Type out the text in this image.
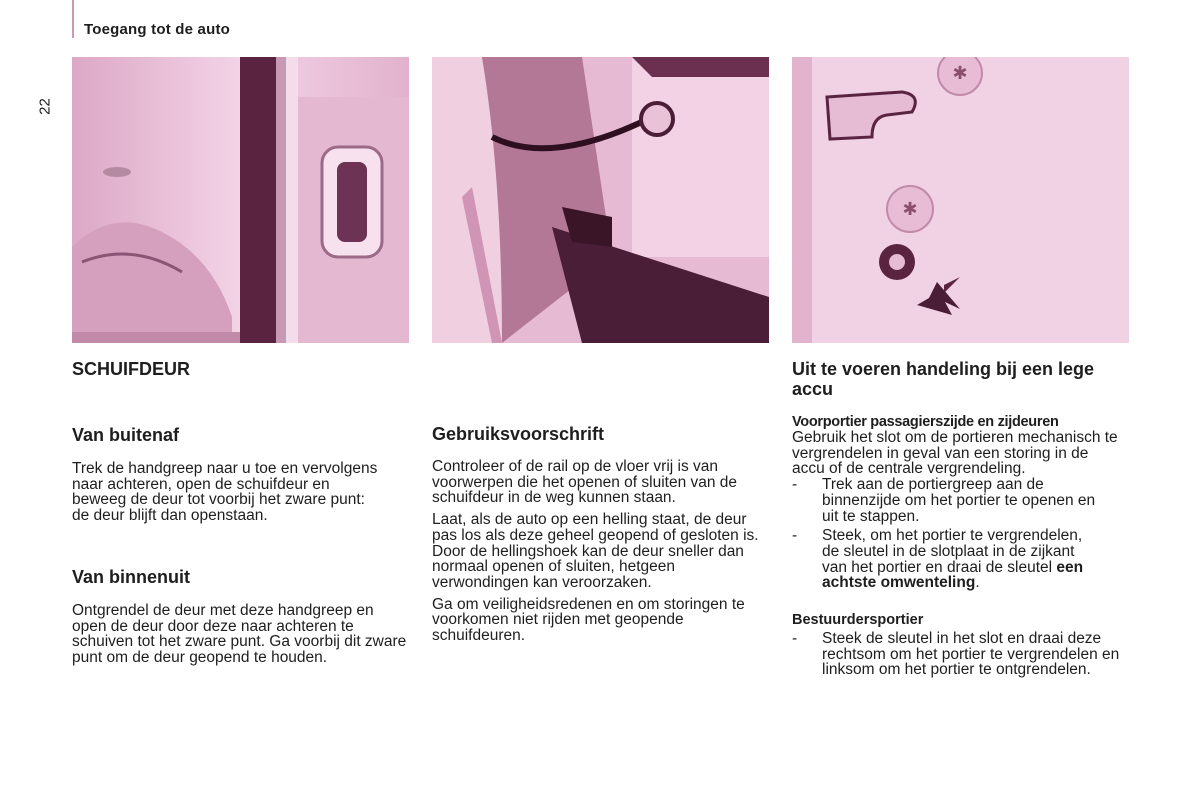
Toegang tot de auto
22
✱
✱
SCHUIFDEUR
Van buitenaf

Trek de handgreep naar u toe en vervolgens naar achteren, open de schuifdeur en beweeg de deur tot voorbij het zware punt: de deur blijft dan openstaan.

Van binnenuit

Ontgrendel de deur met deze handgreep en open de deur door deze naar achteren te schuiven tot het zware punt. Ga voorbij dit zware punt om de deur geopend te houden.

Gebruiksvoorschrift

Controleer of de rail op de vloer vrij is van voorwerpen die het openen of sluiten van de schuifdeur in de weg kunnen staan.

Laat, als de auto op een helling staat, de deur pas los als deze geheel geopend of gesloten is. Door de hellingshoek kan de deur sneller dan normaal openen of sluiten, hetgeen verwondingen kan veroorzaken.

Ga om veiligheidsredenen en om storingen te voorkomen niet rijden met geopende schuifdeuren.

Uit te voeren handeling bij een lege accu
Voorportier passagierszijde en zijdeuren

Gebruik het slot om de portieren mechanisch te vergrendelen in geval van een storing in de accu of de centrale vergrendeling.

- Trek aan de portiergreep aan de binnenzijde om het portier te openen en uit te stappen.
- Steek, om het portier te vergrendelen, de sleutel in de slotplaat in de zijkant van het portier en draai de sleutel een achtste omwenteling.
Bestuurdersportier
- Steek de sleutel in het slot en draai deze rechtsom om het portier te vergrendelen en linksom om het portier te ontgrendelen.
